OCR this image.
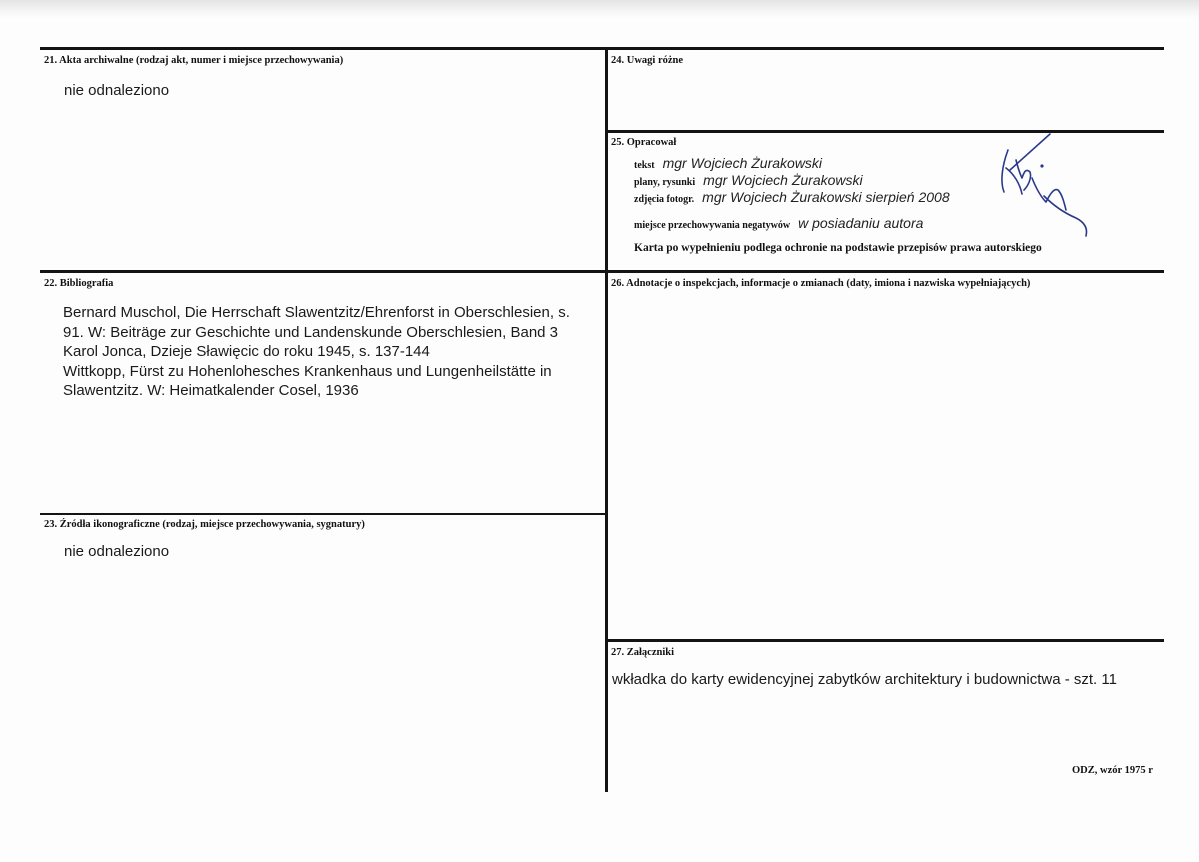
21. Akta archiwalne (rodzaj akt, numer i miejsce przechowywania)
nie odnaleziono
24. Uwagi różne
25. Opracował
tekst mgr Wojciech Żurakowski
plany, rysunki mgr Wojciech Żurakowski
zdjęcia fotogr. mgr Wojciech Żurakowski sierpień 2008
miejsce przechowywania negatywów w posiadaniu autora
Karta po wypełnieniu podlega ochronie na podstawie przepisów prawa autorskiego
22. Bibliografia
Bernard Muschol, Die Herrschaft Slawentzitz/Ehrenforst in Oberschlesien, s.
91. W: Beiträge zur Geschichte und Landenskunde Oberschlesien, Band 3
Karol Jonca, Dzieje Sławięcic do roku 1945, s. 137-144
Wittkopp, Fürst zu Hohenlohesches Krankenhaus und Lungenheilstätte in
Slawentzitz. W: Heimatkalender Cosel, 1936
26. Adnotacje o inspekcjach, informacje o zmianach (daty, imiona i nazwiska wypełniających)
23. Źródła ikonograficzne (rodzaj, miejsce przechowywania, sygnatury)
nie odnaleziono
27. Załączniki
wkładka do karty ewidencyjnej zabytków architektury i budownictwa - szt. 11
ODZ, wzór 1975 r
